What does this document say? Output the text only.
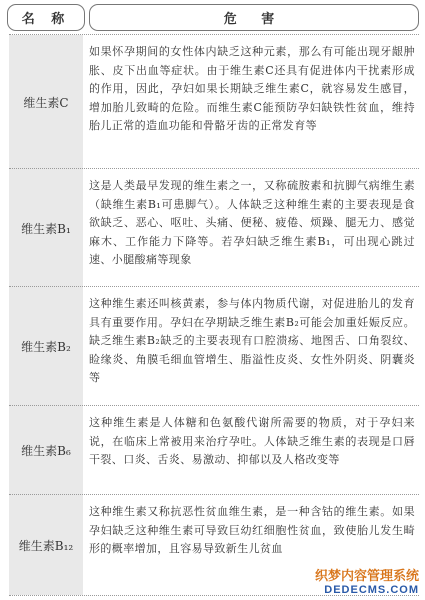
名 称	危 害
维生素C
如果怀孕期间的女性体内缺乏这种元素，那么有可能出现牙龈肿胀、皮下出血等症状。由于维生素C还具有促进体内干扰素形成的作用，因此，孕妇如果长期缺乏维生素C，就容易发生感冒，增加胎儿致畸的危险。而维生素C能预防孕妇缺铁性贫血，维持胎儿正常的造血功能和骨骼牙齿的正常发育等
维生素B₁
这是人类最早发现的维生素之一，又称硫胺素和抗脚气病维生素（缺维生素B₁可患脚气）。人体缺乏这种维生素的主要表现是食欲缺乏、恶心、呕吐、头痛、便秘、疲倦、烦躁、腿无力、感觉麻木、工作能力下降等。若孕妇缺乏维生素B₁，可出现心跳过速、小腿酸痛等现象
维生素B₂
这种维生素还叫核黄素，参与体内物质代谢，对促进胎儿的发育具有重要作用。孕妇在孕期缺乏维生素B₂可能会加重妊娠反应。缺乏维生素B₂缺乏的主要表现有口腔溃疡、地图舌、口角裂纹、睑缘炎、角膜毛细血管增生、脂溢性皮炎、女性外阴炎、阴囊炎等
维生素B₆
这种维生素是人体糖和色氨酸代谢所需要的物质，对于孕妇来说，在临床上常被用来治疗孕吐。人体缺乏维生素的表现是口唇干裂、口炎、舌炎、易激动、抑郁以及人格改变等
维生素B₁₂
这种维生素又称抗恶性贫血维生素，是一种含钴的维生素。如果孕妇缺乏这种维生素可导致巨幼红细胞性贫血，致使胎儿发生畸形的概率增加，且容易导致新生儿贫血
织梦内容管理系统
DEDECMS.COM
